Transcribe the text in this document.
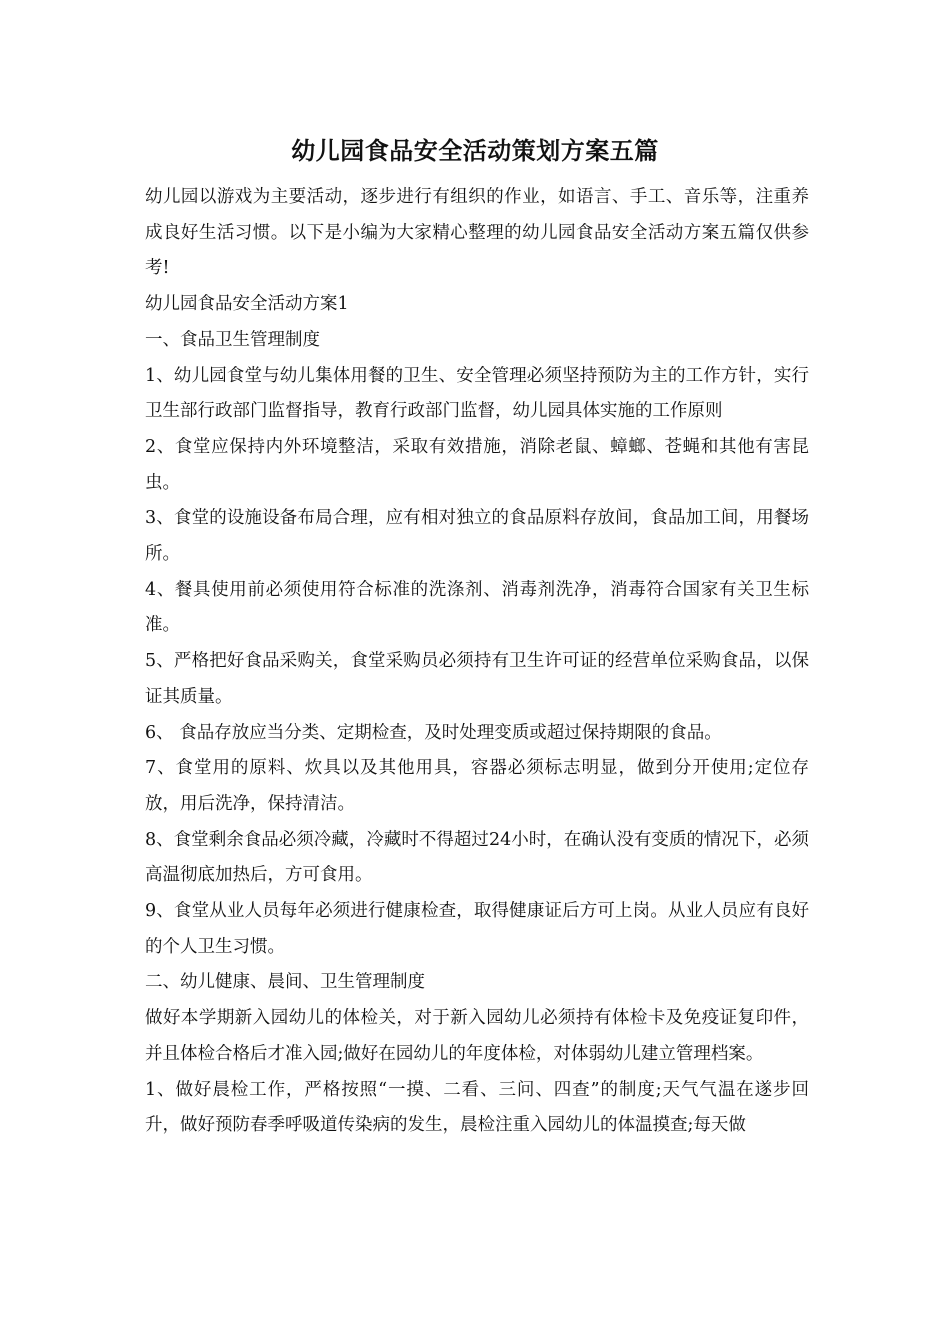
幼儿园食品安全活动策划方案五篇

幼儿园以游戏为主要活动，逐步进行有组织的作业，如语言、手工、音乐等，注重养成良好生活习惯。以下是小编为大家精心整理的幼儿园食品安全活动方案五篇仅供参考!

幼儿园食品安全活动方案1

一、食品卫生管理制度

1、幼儿园食堂与幼儿集体用餐的卫生、安全管理必须坚持预防为主的工作方针，实行卫生部行政部门监督指导，教育行政部门监督，幼儿园具体实施的工作原则

2、食堂应保持内外环境整洁，采取有效措施，消除老鼠、蟑螂、苍蝇和其他有害昆虫。

3、食堂的设施设备布局合理，应有相对独立的食品原料存放间，食品加工间，用餐场所。

4、餐具使用前必须使用符合标准的洗涤剂、消毒剂洗净，消毒符合国家有关卫生标准。

5、严格把好食品采购关，食堂采购员必须持有卫生许可证的经营单位采购食品，以保证其质量。

6、 食品存放应当分类、定期检查，及时处理变质或超过保持期限的食品。

7、食堂用的原料、炊具以及其他用具，容器必须标志明显，做到分开使用;定位存放，用后洗净，保持清洁。

8、食堂剩余食品必须冷藏，冷藏时不得超过24小时，在确认没有变质的情况下，必须高温彻底加热后，方可食用。

9、食堂从业人员每年必须进行健康检查，取得健康证后方可上岗。从业人员应有良好的个人卫生习惯。

二、幼儿健康、晨间、卫生管理制度

做好本学期新入园幼儿的体检关，对于新入园幼儿必须持有体检卡及免疫证复印件，并且体检合格后才准入园;做好在园幼儿的年度体检，对体弱幼儿建立管理档案。

1、做好晨检工作，严格按照“一摸、二看、三问、四查”的制度;天气气温在遂步回升，做好预防春季呼吸道传染病的发生，晨检注重入园幼儿的体温摸查;每天做
